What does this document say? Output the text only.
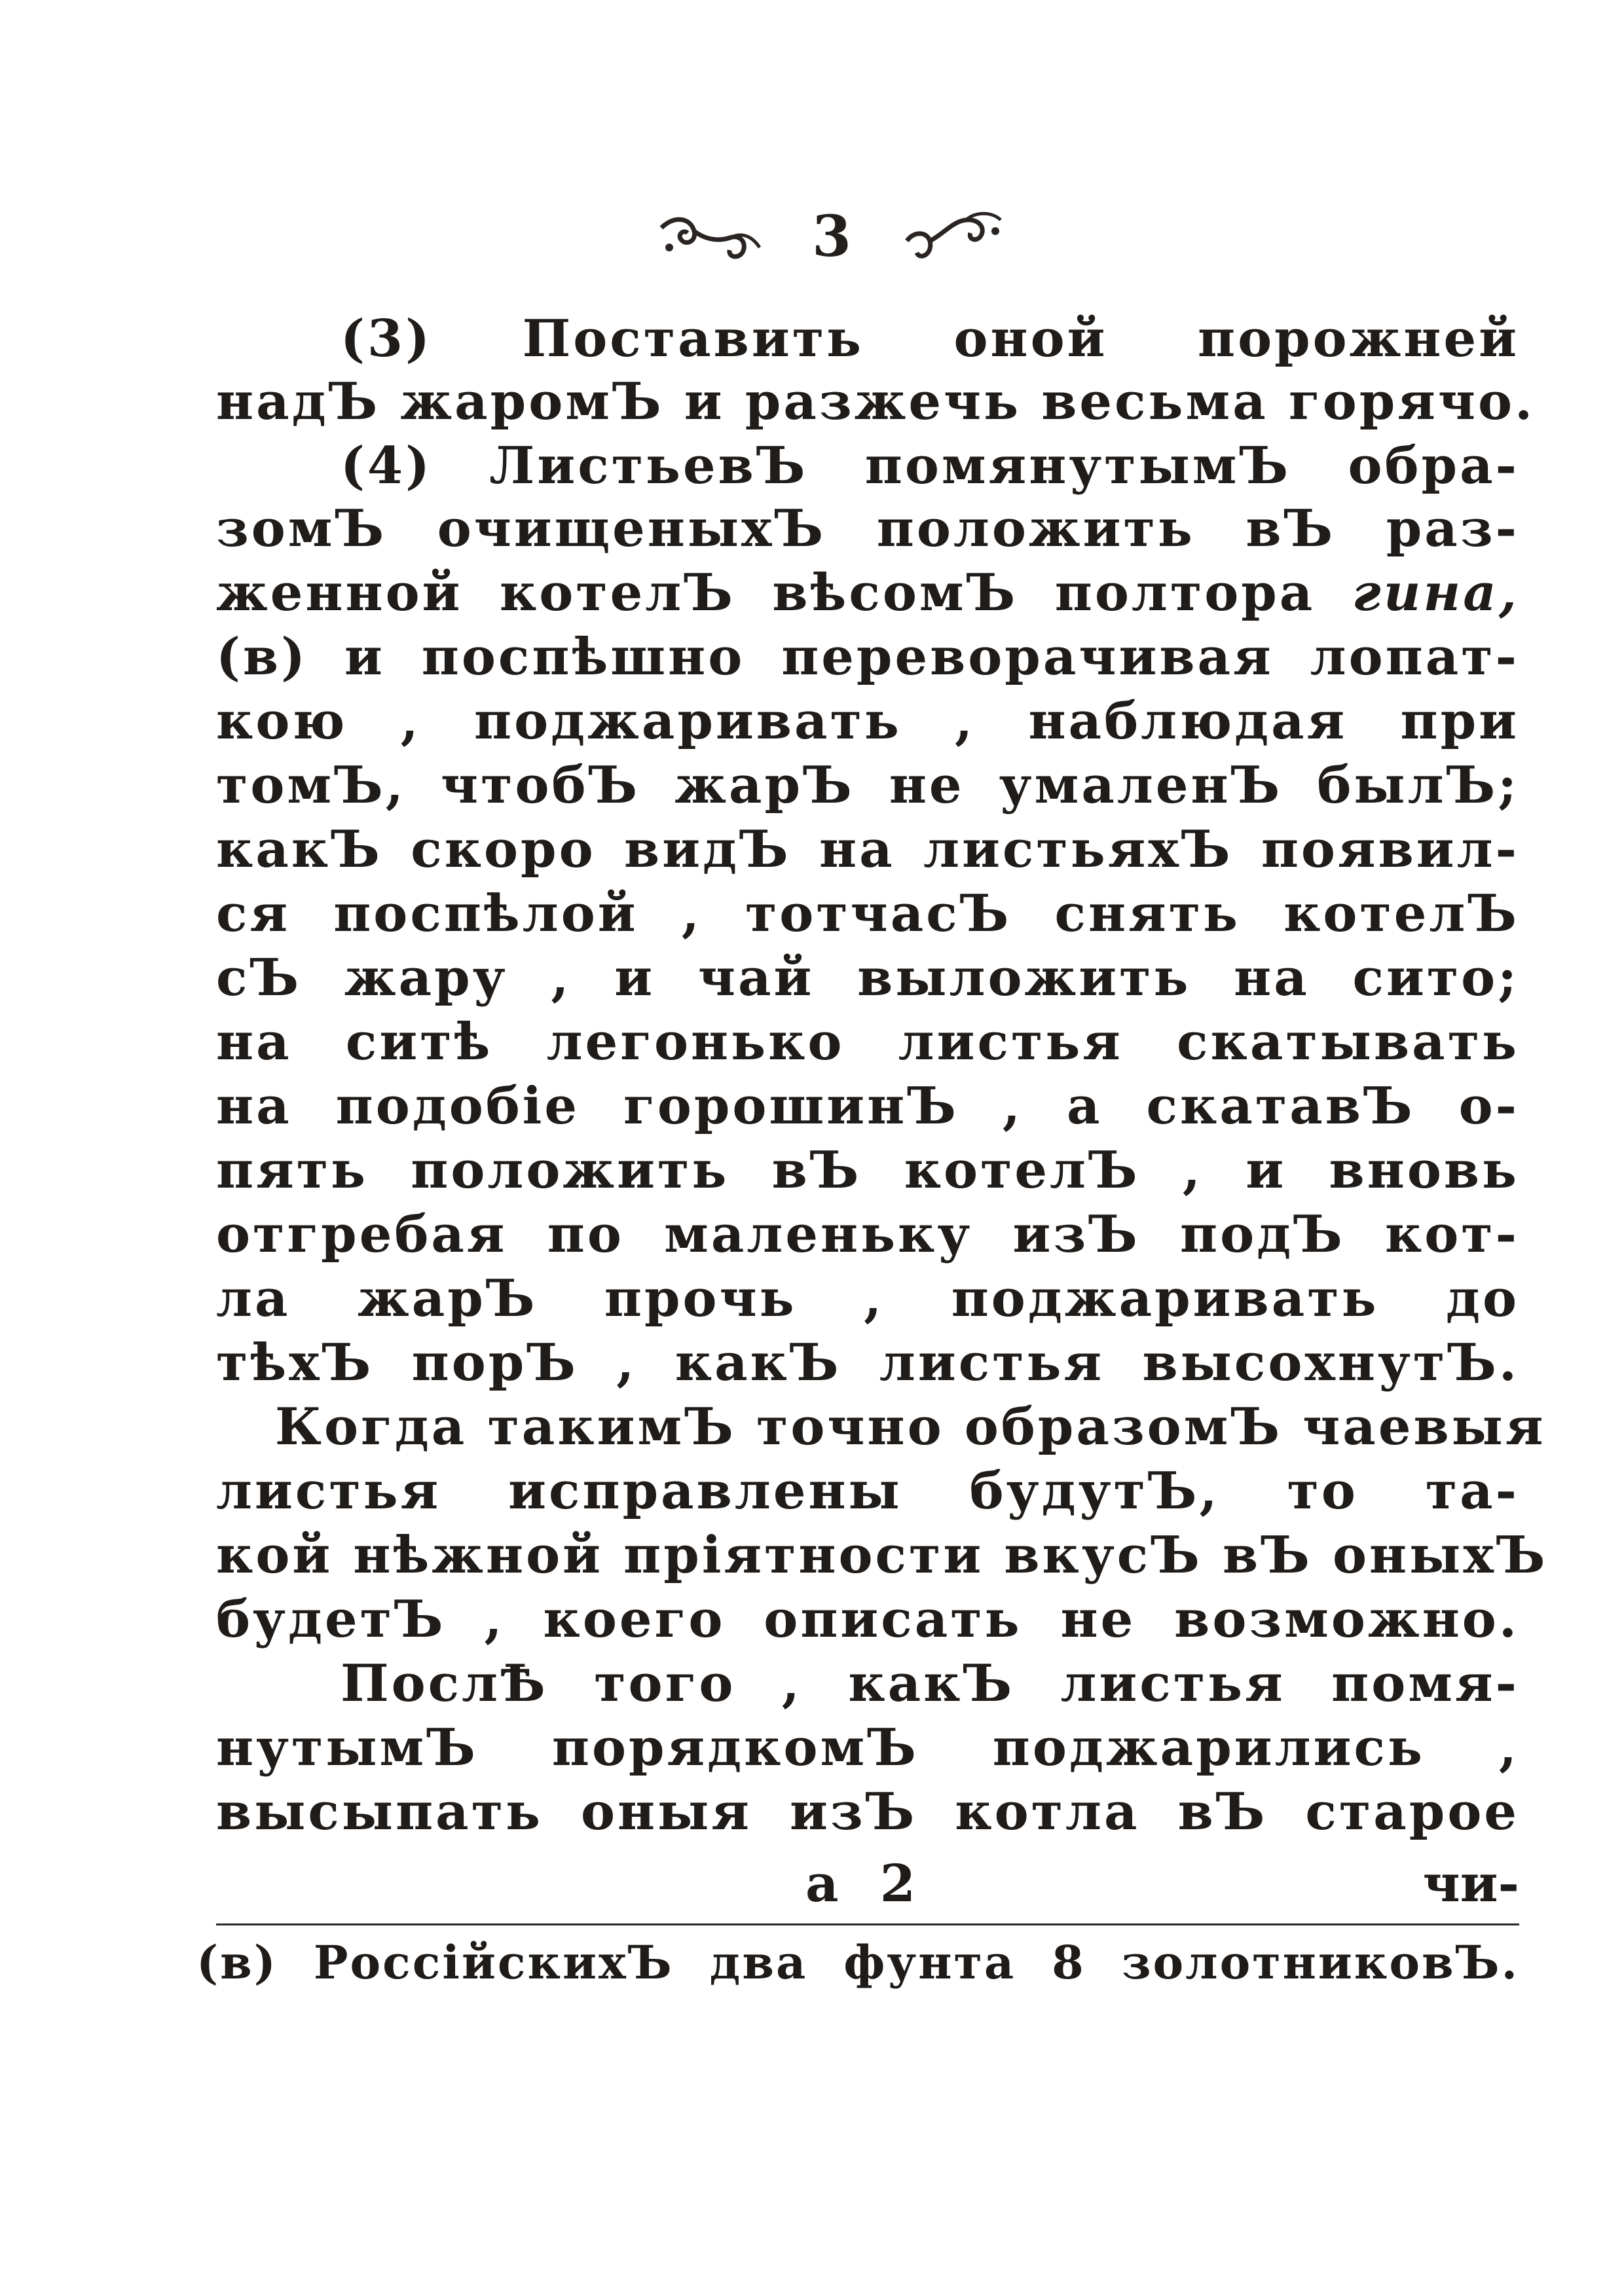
3
(3) Поставить оной порожней
надЪ жаромЪ и разжечь весьма горячо.
(4) ЛистьевЪ помянутымЪ обра-
зомЪ очищеныхЪ положить вЪ раз-
женной котелЪ вѣсомЪ полтора гина,
(в) и поспѣшно переворачивая лопат-
кою , поджаривать , наблюдая при
томЪ, чтобЪ жарЪ не умаленЪ былЪ;
какЪ скоро видЪ на листьяхЪ появил-
ся поспѣлой , тотчасЪ снять котелЪ
сЪ жару , и чай выложить на сито;
на ситѣ легонько листья скатывать
на подобіе горошинЪ , а скатавЪ о-
пять положить вЪ котелЪ , и вновь
отгребая по маленьку изЪ подЪ кот-
ла жарЪ прочь , поджаривать до
тѣхЪ порЪ , какЪ листья высохнутЪ.
Когда такимЪ точно образомЪ чаевыя
листья исправлены будутЪ, то та-
кой нѣжной пріятности вкусЪ вЪ оныхЪ
будетЪ , коего описать не возможно.
ПослѢ того , какЪ листья помя-
нутымЪ порядкомЪ поджарились ,
высыпать оныя изЪ котла вЪ старое
а 2	чи-
(в) РоссійскихЪ два фунта 8 золотниковЪ.
